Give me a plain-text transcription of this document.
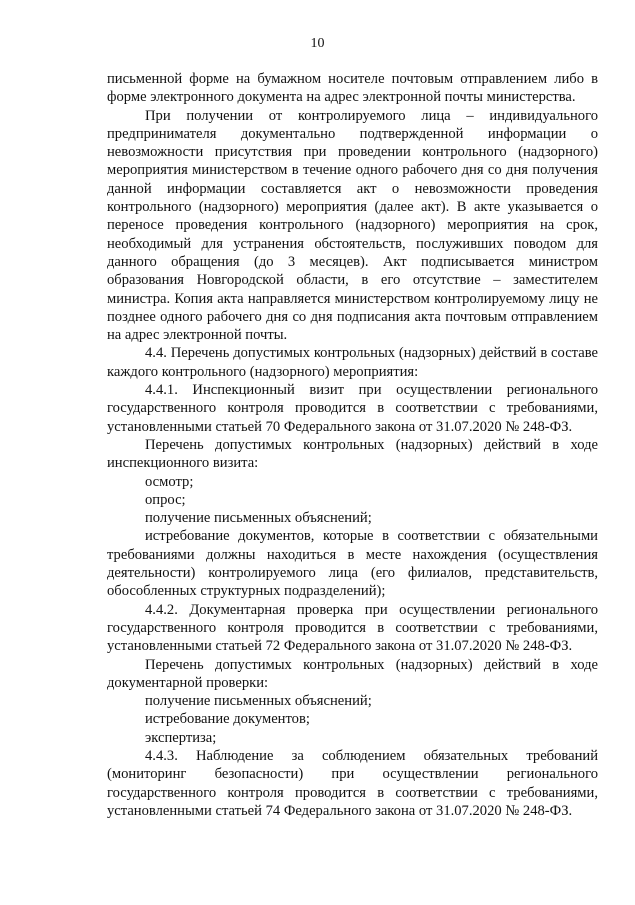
10

письменной форме на бумажном носителе почтовым отправлением либо в форме электронного документа на адрес электронной почты министерства.

При получении от контролируемого лица – индивидуального предпринимателя документально подтвержденной информации о невозможности присутствия при проведении контрольного (надзорного) мероприятия министерством в течение одного рабочего дня со дня получения данной информации составляется акт о невозможности проведения контрольного (надзорного) мероприятия (далее акт). В акте указывается о переносе проведения контрольного (надзорного) мероприятия на срок, необходимый для устранения обстоятельств, послуживших поводом для данного обращения (до 3 месяцев). Акт подписывается министром образования Новгородской области, в его отсутствие – заместителем министра. Копия акта направляется министерством контролируемому лицу не позднее одного рабочего дня со дня подписания акта почтовым отправлением на адрес электронной почты.

4.4. Перечень допустимых контрольных (надзорных) действий в составе каждого контрольного (надзорного) мероприятия:

4.4.1. Инспекционный визит при осуществлении регионального государственного контроля проводится в соответствии с требованиями, установленными статьей 70 Федерального закона от 31.07.2020 № 248-ФЗ.

Перечень допустимых контрольных (надзорных) действий в ходе инспекционного визита:

осмотр;

опрос;

получение письменных объяснений;

истребование документов, которые в соответствии с обязательными требованиями должны находиться в месте нахождения (осуществления деятельности) контролируемого лица (его филиалов, представительств, обособленных структурных подразделений);

4.4.2. Документарная проверка при осуществлении регионального государственного контроля проводится в соответствии с требованиями, установленными статьей 72 Федерального закона от 31.07.2020 № 248-ФЗ.

Перечень допустимых контрольных (надзорных) действий в ходе документарной проверки:

получение письменных объяснений;

истребование документов;

экспертиза;

4.4.3. Наблюдение за соблюдением обязательных требований (мониторинг безопасности) при осуществлении регионального государственного контроля проводится в соответствии с требованиями, установленными статьей 74 Федерального закона от 31.07.2020 № 248-ФЗ.
